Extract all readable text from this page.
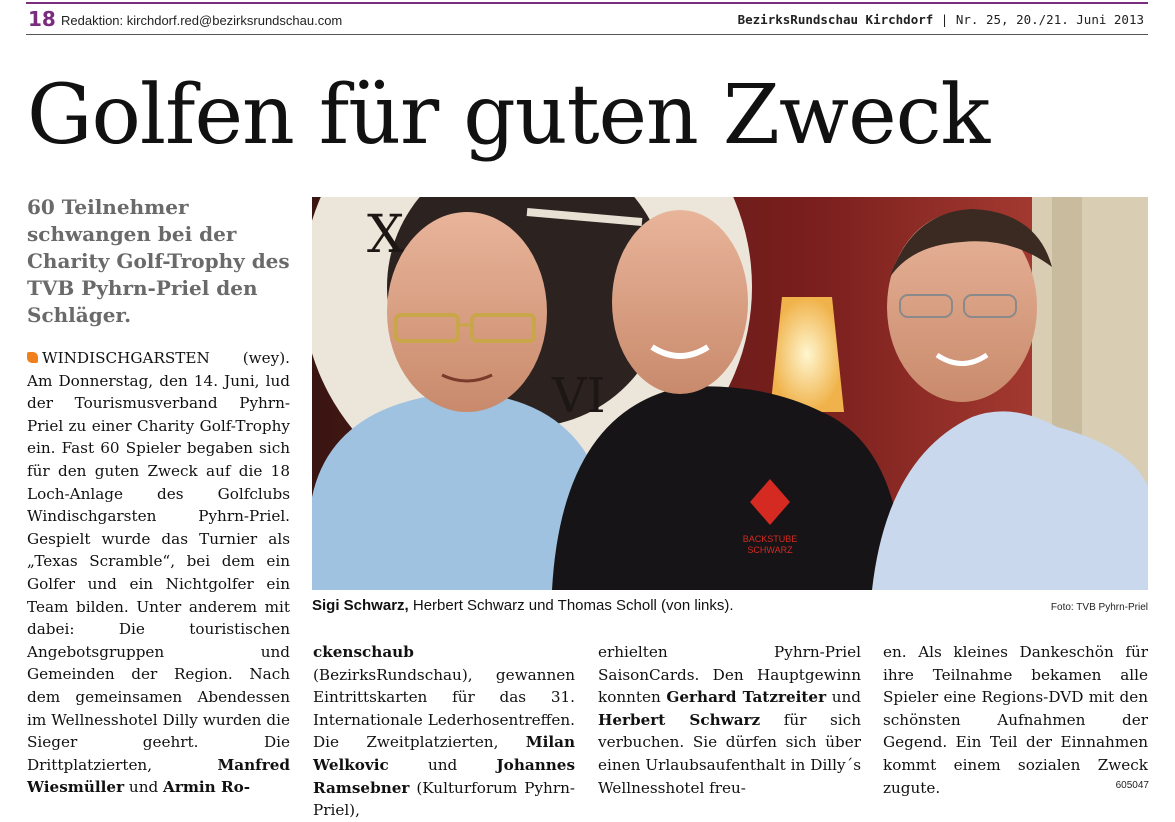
18 Redaktion: kirchdorf.red@bezirksrundschau.com	BezirksRundschau Kirchdorf | Nr. 25, 20./21. Juni 2013
Golfen für guten Zweck
60 Teilnehmer schwangen bei der Charity Golf-Trophy des TVB Pyhrn-Priel den Schläger.
WINDISCHGARSTEN (wey). Am Donnerstag, den 14. Juni, lud der Tourismusverband Pyhrn-Priel zu einer Charity Golf-Trophy ein. Fast 60 Spieler begaben sich für den guten Zweck auf die 18 Loch-Anlage des Golfclubs Windischgarsten Pyhrn-Priel. Gespielt wurde das Turnier als „Texas Scramble“, bei dem ein Golfer und ein Nichtgolfer ein Team bilden. Unter anderem mit dabei: Die touristischen Angebotsgruppen und Gemeinden der Region. Nach dem gemeinsamen Abendessen im Wellnesshotel Dilly wurden die Sieger geehrt. Die Drittplatzierten, Manfred Wiesmüller und Armin Ro-
X
VI
BACKSTUBE
SCHWARZ
Sigi Schwarz, Herbert Schwarz und Thomas Scholl (von links).	Foto: TVB Pyhrn-Priel
ckenschaub (BezirksRundschau), gewannen Eintrittskarten für das 31. Internationale Lederhosentreffen. Die Zweitplatzierten, Milan Welkovic und Johannes Ramsebner (Kulturforum Pyhrn-Priel),
erhielten Pyhrn-Priel SaisonCards. Den Hauptgewinn konnten Gerhard Tatzreiter und Herbert Schwarz für sich verbuchen. Sie dürfen sich über einen Urlaubsaufenthalt in Dilly´s Wellnesshotel freu-
en. Als kleines Dankeschön für ihre Teilnahme bekamen alle Spieler eine Regions-DVD mit den schönsten Aufnahmen der Gegend. Ein Teil der Einnahmen kommt einem sozialen Zweck zugute.	605047
